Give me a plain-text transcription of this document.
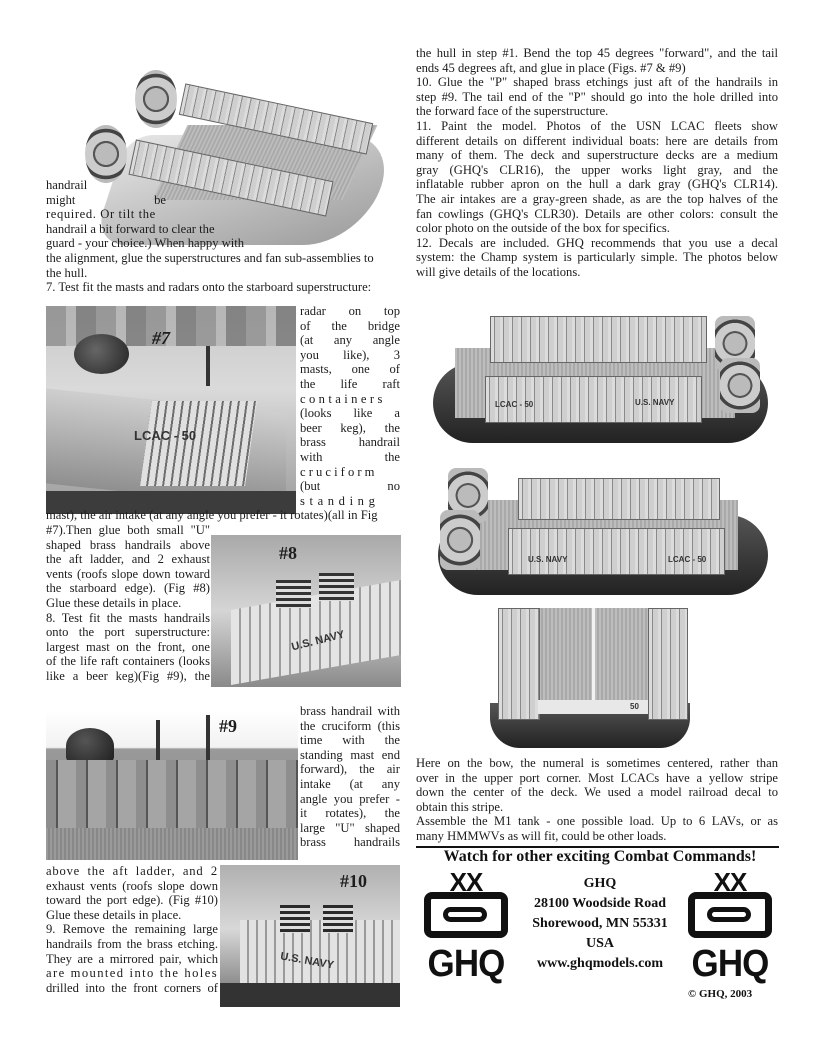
handrail
might	be
required. Or tilt the
handrail a bit forward to clear the
guard - your choice.) When happy with
the alignment, glue the superstructures and fan sub-assemblies to
the hull.
7. Test fit the masts and radars onto the starboard superstructure:
LCAC - 50
#7
radar on top
of the bridge
(at any angle
you like), 3
masts, one of
the life raft
containers
(looks like a
beer keg), the
brass handrail
with	the
cruciform
(but	no
standing
mast), the air intake (at any angle you prefer - it rotates)(all in Fig
U.S. NAVY
#8
#7).Then glue both small "U"
shaped brass handrails above
the aft ladder, and 2 exhaust
vents (roofs slope down toward
the starboard edge). (Fig #8)
Glue these details in place.
8. Test fit the masts handrails
onto the port superstructure:
largest mast on the front, one
of the life raft containers (looks
like a beer keg)(Fig #9), the
#9
brass handrail with
the cruciform (this
time with the
standing mast end
forward), the air
intake (at any
angle you prefer -
it rotates), the
large "U" shaped
brass handrails
U.S. NAVY
#10
above the aft ladder, and 2
exhaust vents (roofs slope down
toward the port edge). (Fig #10)
Glue these details in place.
9. Remove the remaining large
handrails from the brass etching.
They are a mirrored pair, which
are mounted into the holes
drilled into the front corners of
the hull in step #1. Bend the top 45 degrees "forward", and the tail
ends 45 degrees aft, and glue in place (Figs. #7 & #9)
10. Glue the "P" shaped brass etchings just aft of the handrails in
step #9. The tail end of the "P" should go into the hole drilled into
the forward face of the superstructure.
11. Paint the model. Photos of the USN LCAC fleets show
different details on different individual boats: here are details from
many of them. The deck and superstructure decks are a medium
gray (GHQ's CLR16), the upper works light gray, and the
inflatable rubber apron on the hull a dark gray (GHQ's CLR14).
The air intakes are a gray-green shade, as are the top halves of the
fan cowlings (GHQ's CLR30). Details are other colors: consult the
color photo on the outside of the box for specifics.
12. Decals are included. GHQ recommends that you use a decal
system: the Champ system is particularly simple. The photos below
will give details of the locations.
LCAC - 50	U.S. NAVY
U.S. NAVY	LCAC - 50
50
Here on the bow, the numeral is sometimes centered, rather than
over in the upper port corner. Most LCACs have a yellow stripe
down the center of the deck. We used a model railroad decal to
obtain this stripe.
Assemble the M1 tank - one possible load. Up to 6 LAVs, or as
many HMMWVs as will fit, could be other loads.
Watch for other exciting Combat Commands!
XX
GHQ
GHQ
28100 Woodside Road
Shorewood, MN 55331
USA
www.ghqmodels.com
XX
GHQ
© GHQ, 2003
